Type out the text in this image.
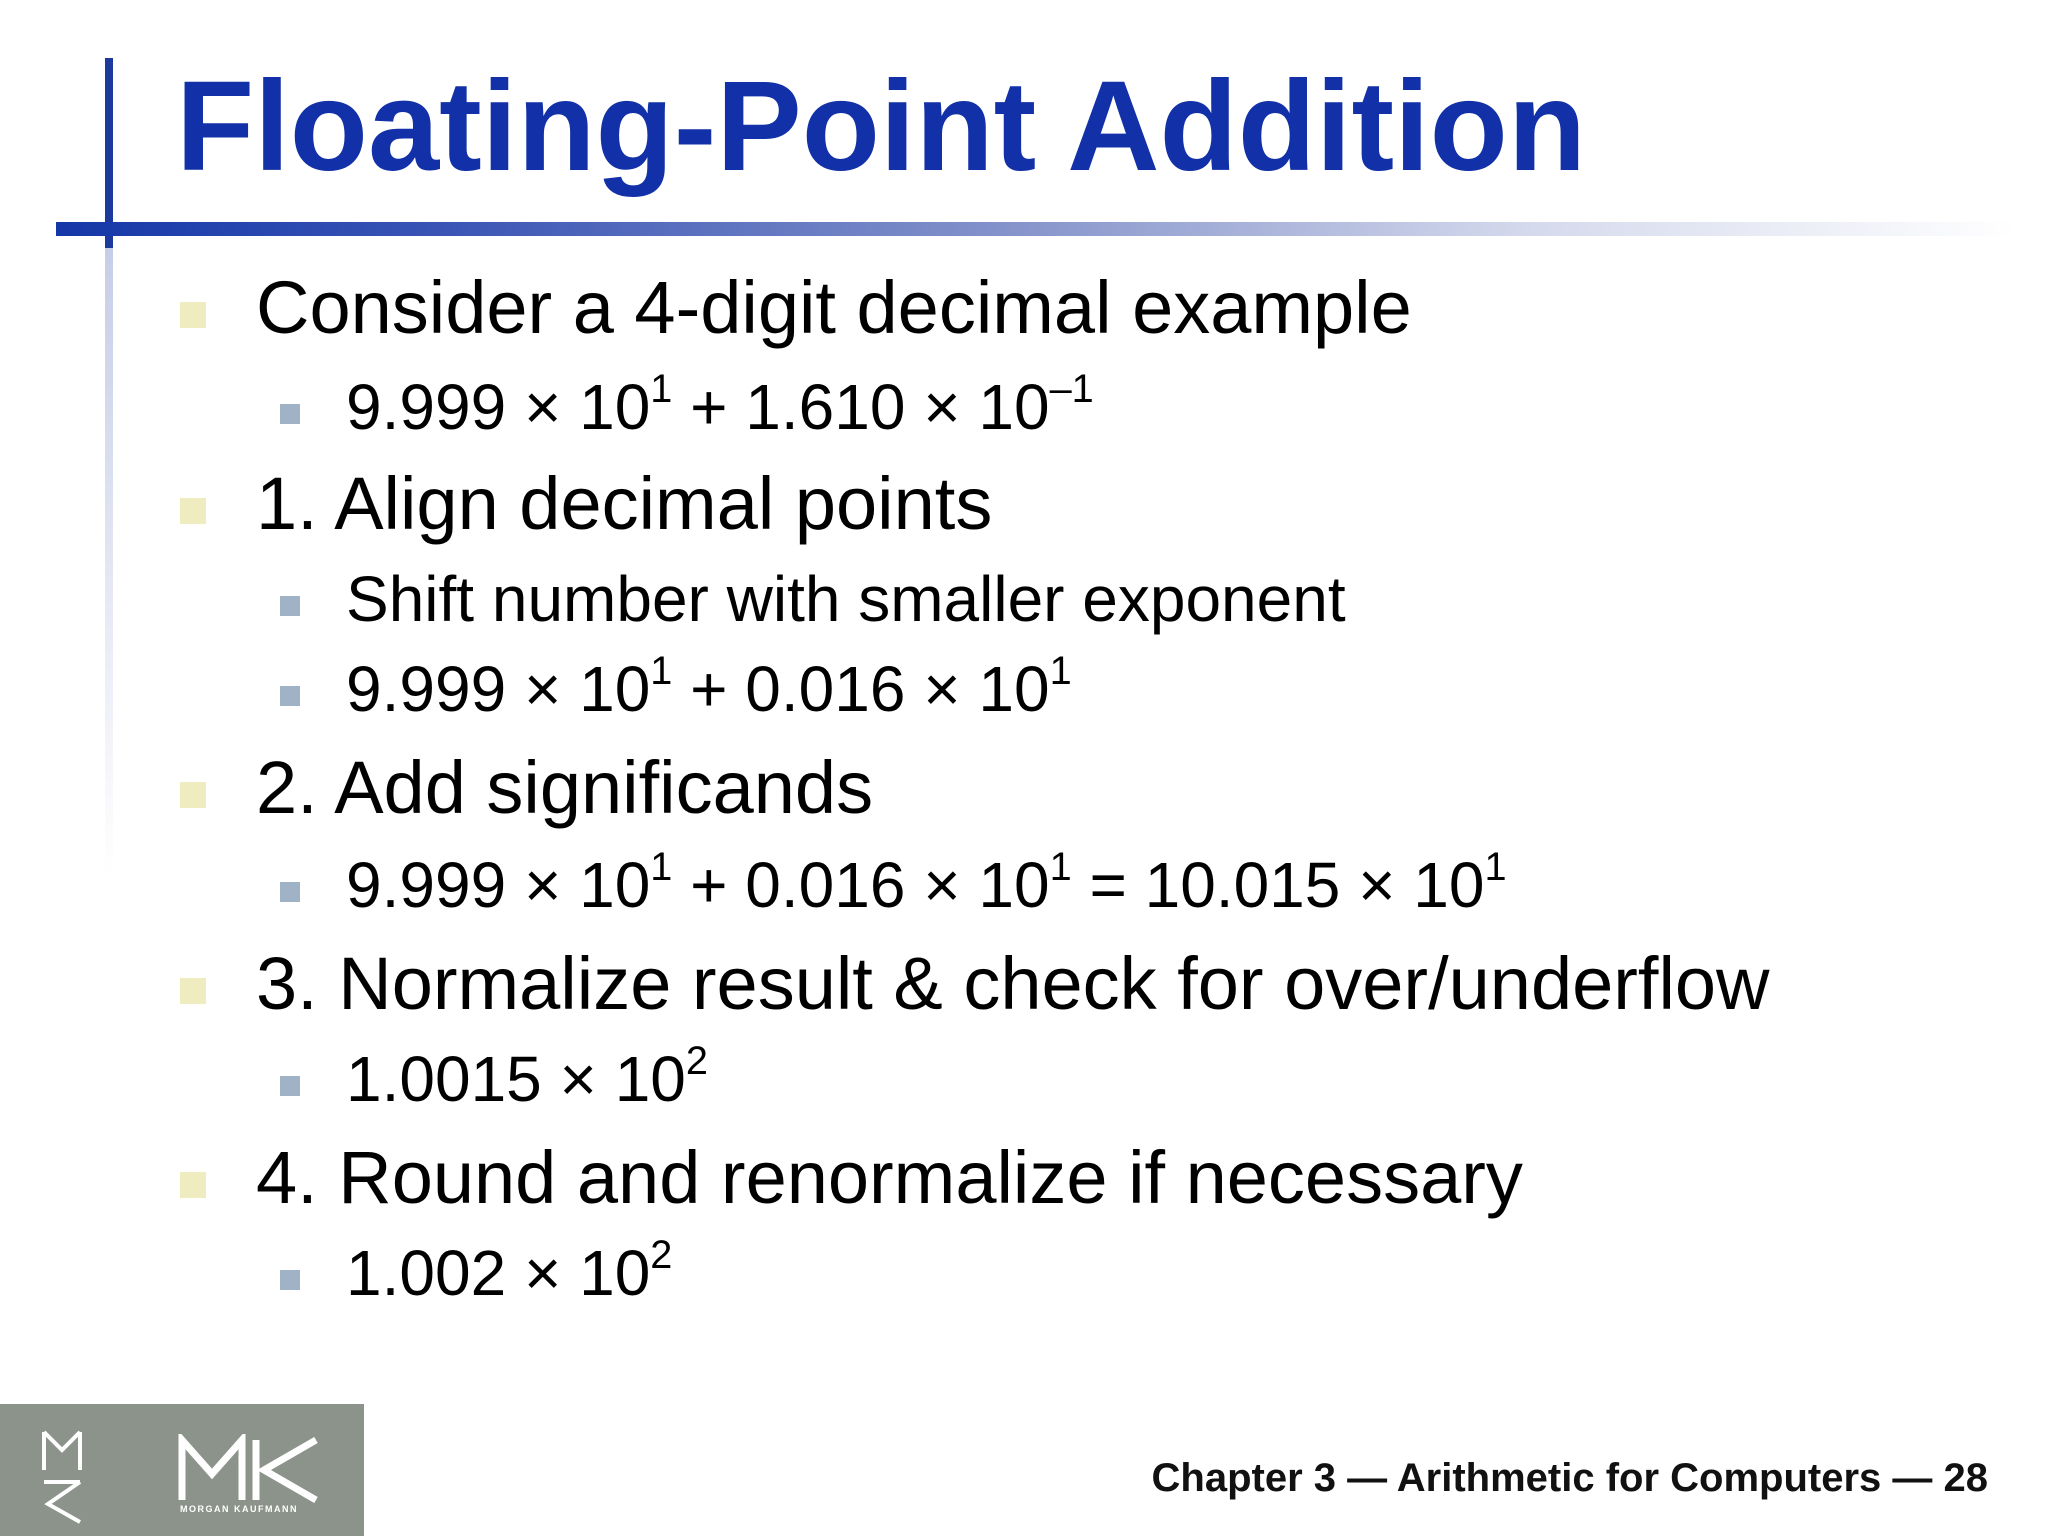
Floating-Point Addition
Consider a 4-digit decimal example
$9.999 \times 10^1 + 1.610 \times 10^{-1}$
1. Align decimal points
Shift number with smaller exponent
$9.999 \times 10^1 + 0.016 \times 10^1$
2. Add significands
$9.999 \times 10^1 + 0.016 \times 10^1 = 10.015 \times 10^1$
3. Normalize result & check for over/underflow
$1.0015 \times 10^2$
4. Round and renormalize if necessary
$1.002 \times 10^2$
MORGAN KAUFMANN
Chapter 3 — Arithmetic for Computers — 28
